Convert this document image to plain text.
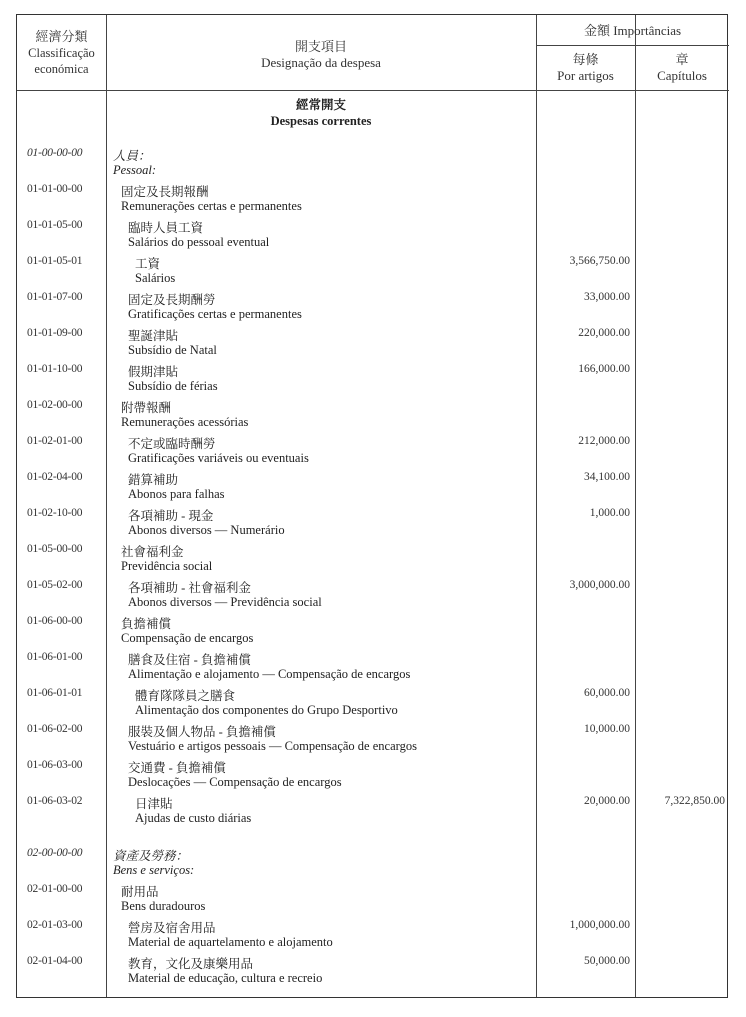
經濟分類
Classificação económica
開支項目
Designação da despesa
金額 Importâncias
每條
Por artigos
章
Capítulos
經常開支
Despesas correntes
01-00-00-00 人員：
Pessoal:
01-01-00-00	固定及長期報酬
Remunerações certas e permanentes
01-01-05-00	臨時人員工資
Salários do pessoal eventual
01-01-05-01	工資
Salários
3,566,750.00
01-01-07-00	固定及長期酬勞
Gratificações certas e permanentes
33,000.00
01-01-09-00	聖誕津貼
Subsídio de Natal
220,000.00
01-01-10-00	假期津貼
Subsídio de férias
166,000.00
01-02-00-00	附帶報酬
Remunerações acessórias
01-02-01-00	不定或臨時酬勞
Gratificações variáveis ou eventuais
212,000.00
01-02-04-00	錯算補助
Abonos para falhas
34,100.00
01-02-10-00	各項補助 - 現金
Abonos diversos — Numerário
1,000.00
01-05-00-00	社會福利金
Previdência social
01-05-02-00	各項補助 - 社會福利金
Abonos diversos — Previdência social
3,000,000.00
01-06-00-00	負擔補償
Compensação de encargos
01-06-01-00	膳食及住宿 - 負擔補償
Alimentação e alojamento — Compensação de encargos
01-06-01-01	體育隊隊員之膳食
Alimentação dos componentes do Grupo Desportivo
60,000.00
01-06-02-00	服裝及個人物品 - 負擔補償
Vestuário e artigos pessoais — Compensação de encargos
10,000.00
01-06-03-00	交通費 - 負擔補償
Deslocações — Compensação de encargos
01-06-03-02	日津貼
Ajudas de custo diárias
20,000.00	7,322,850.00
02-00-00-00 資產及勞務：
Bens e serviços:
02-01-00-00	耐用品
Bens duradouros
02-01-03-00	營房及宿舍用品
Material de aquartelamento e alojamento
1,000,000.00
02-01-04-00	教育，文化及康樂用品
Material de educação, cultura e recreio
50,000.00
